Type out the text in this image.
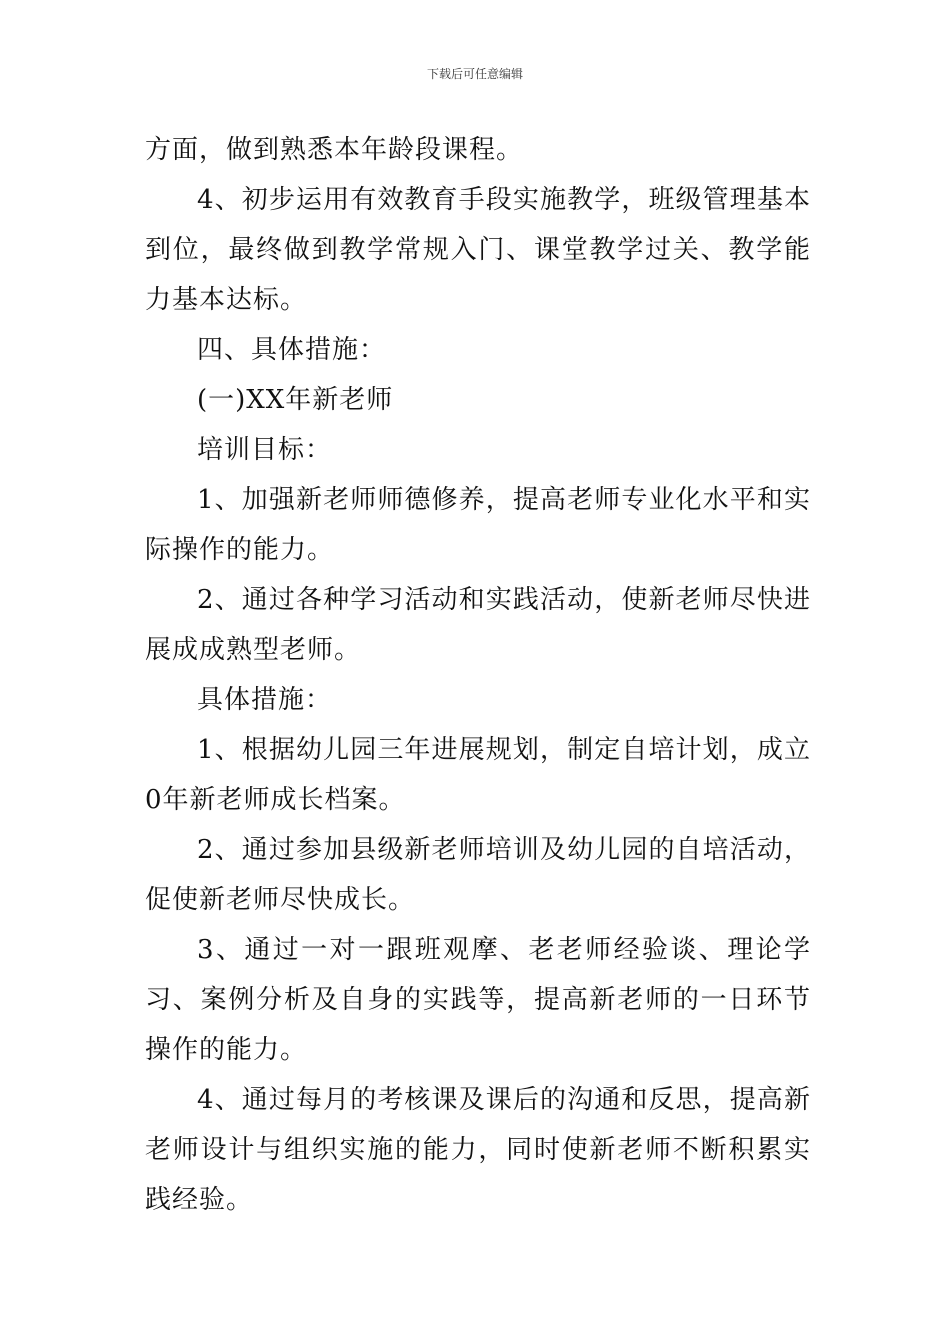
下载后可任意编辑

方面，做到熟悉本年龄段课程。

4、初步运用有效教育手段实施教学，班级管理基本到位，最终做到教学常规入门、课堂教学过关、教学能力基本达标。

四、具体措施：

(一)XX年新老师

培训目标：

1、加强新老师师德修养，提高老师专业化水平和实际操作的能力。

2、通过各种学习活动和实践活动，使新老师尽快进展成成熟型老师。

具体措施：

1、根据幼儿园三年进展规划，制定自培计划，成立0年新老师成长档案。

2、通过参加县级新老师培训及幼儿园的自培活动，促使新老师尽快成长。

3、通过一对一跟班观摩、老老师经验谈、理论学习、案例分析及自身的实践等，提高新老师的一日环节操作的能力。

4、通过每月的考核课及课后的沟通和反思，提高新老师设计与组织实施的能力，同时使新老师不断积累实践经验。
